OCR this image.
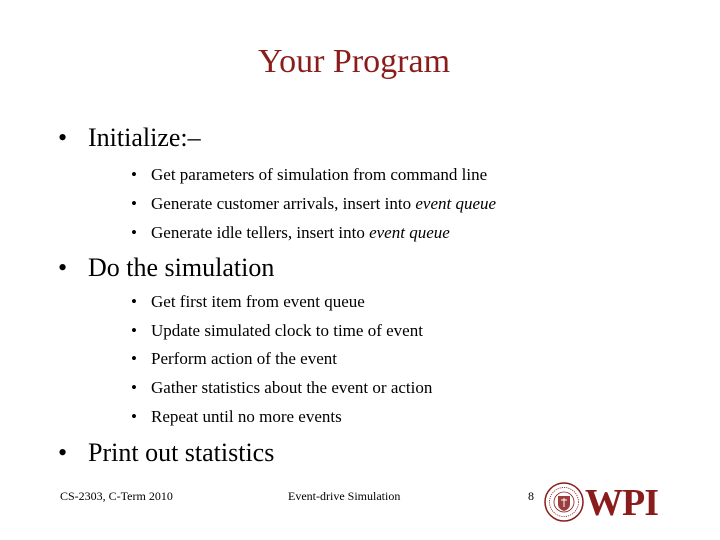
Your Program
• Initialize:–
• Get parameters of simulation from command line
• Generate customer arrivals, insert into event queue
• Generate idle tellers, insert into event queue
• Do the simulation
• Get first item from event queue
• Update simulated clock to time of event
• Perform action of the event
• Gather statistics about the event or action
• Repeat until no more events
• Print out statistics
CS-2303, C-Term 2010	Event-drive Simulation	8 WPI
